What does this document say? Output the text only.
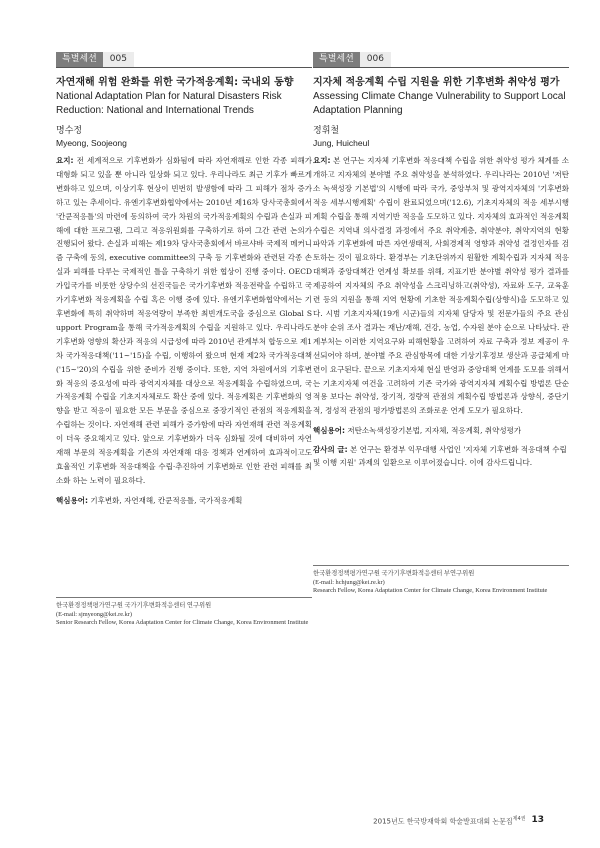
특별세션	005

자연재해 위험 완화를 위한 국가적응계획: 국내외 동향

National Adaptation Plan for Natural Disasters Risk Reduction: National and International Trends

명수정
Myeong, Soojeong

요지: 전 세계적으로 기후변화가 심화됨에 따라 자연재해로 인한 각종 피해가 대형화 되고 있을 뿐 아니라 일상화 되고 있다. 우리나라도 최근 기후가 빠르게 변화하고 있으며, 이상기후 현상이 빈번히 발생함에 따라 그 피해가 점차 증가하고 있는 추세이다. 유엔기후변화협약에서는 2010년 제16차 당사국총회에서 '칸쿤적응틀'의 마련에 동의하여 국가 차원의 국가적응계획의 수립과 손실과 피해에 대한 프로그램, 그리고 적응위원회를 구축하기로 하여 그간 관련 논의가 진행되어 왔다. 손실과 피해는 제19차 당사국총회에서 바르샤바 국제적 메커니즘 구축에 동의, executive committee의 구축 등 기후변화와 관련된 각종 손실과 피해를 다루는 국제적인 틀을 구축하기 위한 협상이 진행 중이다. OECD 가입국가를 비롯한 상당수의 선진국들은 국가기후변화 적응전략을 수립하고 국가기후변화 적응계획을 수립 혹은 이행 중에 있다. 유엔기후변화협약에서는 기후변화에 특히 취약하며 적응역량이 부족한 최빈개도국을 중심으로 Global Support Program을 통해 국가적응계획의 수립을 지원하고 있다. 우리나라도 기후변화 영향의 확산과 적응의 시급성에 따라 2010년 관계부처 합동으로 제1차 국가적응대책('11~'15)을 수립, 이행하여 왔으며 현재 제2차 국가적응대책('15~'20)의 수립을 위한 준비가 진행 중이다. 또한, 지역 차원에서의 기후변화 적응의 중요성에 따라 광역지자체를 대상으로 적응계획을 수립하였으며, 국가적응계획 수립을 기초지자체로도 확산 중에 있다. 적응계획은 기후변화의 영향을 받고 적응이 필요한 모든 부문을 중심으로 중장기적인 관점의 적응계획을 수립하는 것이다. 자연재해 관련 피해가 증가함에 따라 자연재해 관련 적응계획이 더욱 중요해지고 있다. 앞으로 기후변화가 더욱 심화될 것에 대비하여 자연재해 부문의 적응계획을 기존의 자연재해 대응 정책과 연계하여 효과적이고도 효율적인 기후변화 적응대책을 수립·추진하여 기후변화로 인한 관련 피해를 최소화 하는 노력이 필요하다.

핵심용어: 기후변화, 자연재해, 칸쿤적응틀, 국가적응계획

한국환경정책평가연구원 국가기후변화적응센터 연구위원

(E-mail: sjmyeong@kei.re.kr)

Senior Research Fellow, Korea Adaptation Center for Climate Change, Korea Environment Institute

특별세션	006

지자체 적응계획 수립 지원을 위한 기후변화 취약성 평가

Assessing Climate Change Vulnerability to Support Local Adaptation Planning

정휘철
Jung, Huicheul

요지: 본 연구는 지자체 기후변화 적응대책 수립을 위한 취약성 평가 체계를 소개하고 지자체의 분야별 주요 취약성을 분석하였다. 우리나라는 2010년 '저탄소 녹색성장 기본법'의 시행에 따라 국가, 중앙부처 및 광역지자체의 '기후변화 적응 세부시행계획' 수립이 완료되었으며('12.6), 기초지자체의 적응 세부시행계획 수립을 통해 지역기반 적응을 도모하고 있다. 지자체의 효과적인 적응계획 수립은 지역내 의사결정 과정에서 주요 취약계층, 취약분야, 취약지역의 현황 파악과 기후변화에 따른 자연생태적, 사회경제적 영향과 취약성 결정인자를 검토하는 것이 필요하다. 환경부는 기초단위까지 원활한 계획수립과 지자체 적응대책과 중앙대책간 연계성 확보를 위해, 지표기반 분야별 취약성 평가 결과를 제공하여 지자체의 주요 취약성을 스크리닝하고(취약성), 자료와 도구, 교육훈련 등의 지원을 통해 지역 현황에 기초한 적응계획수립(상향식)을 도모하고 있다. 시범 기초지자체(19개 시군)들의 지자체 담당자 및 전문가들의 주요 관심분야 순위 조사 결과는 재난/재해, 건강, 농업, 수자원 분야 순으로 나타났다. 관계부처는 이러한 지역요구와 피해현황을 고려하여 자료 구축과 정보 제공이 우선되어야 하며, 분야별 주요 관심항목에 대한 기상기후정보 생산과 공급체계 마련이 요구된다. 끝으로 기초지자체 현실 반영과 중앙대책 연계를 도모를 위해서는 기초지자체 여건을 고려하여 기존 국가와 광역지자체 계획수립 방법론 단순 적용 보다는 취약성, 장기적, 정량적 관점의 계획수립 방법론과 상향식, 중단기적, 정성적 관점의 평가방법론의 조화로운 연계 도모가 필요하다.

핵심용어: 저탄소녹색성장기본법, 지자체, 적응계획, 취약성평가
감사의 글: 본 연구는 환경부 익무대행 사업인 '지자체 기후변화 적응대책 수립 및 이행 지원' 과제의 일환으로 이루어졌습니다. 이에 감사드립니다.

한국환경정책평가연구원 국가기후변화적응센터 부연구위원

(E-mail: hchjung@kei.re.kr)

Research Fellow, Korea Adaptation Center for Climate Change, Korea Environment Institute

2015년도 한국방재학회 학술발표대회 논문집$^{제4권}$ 13
